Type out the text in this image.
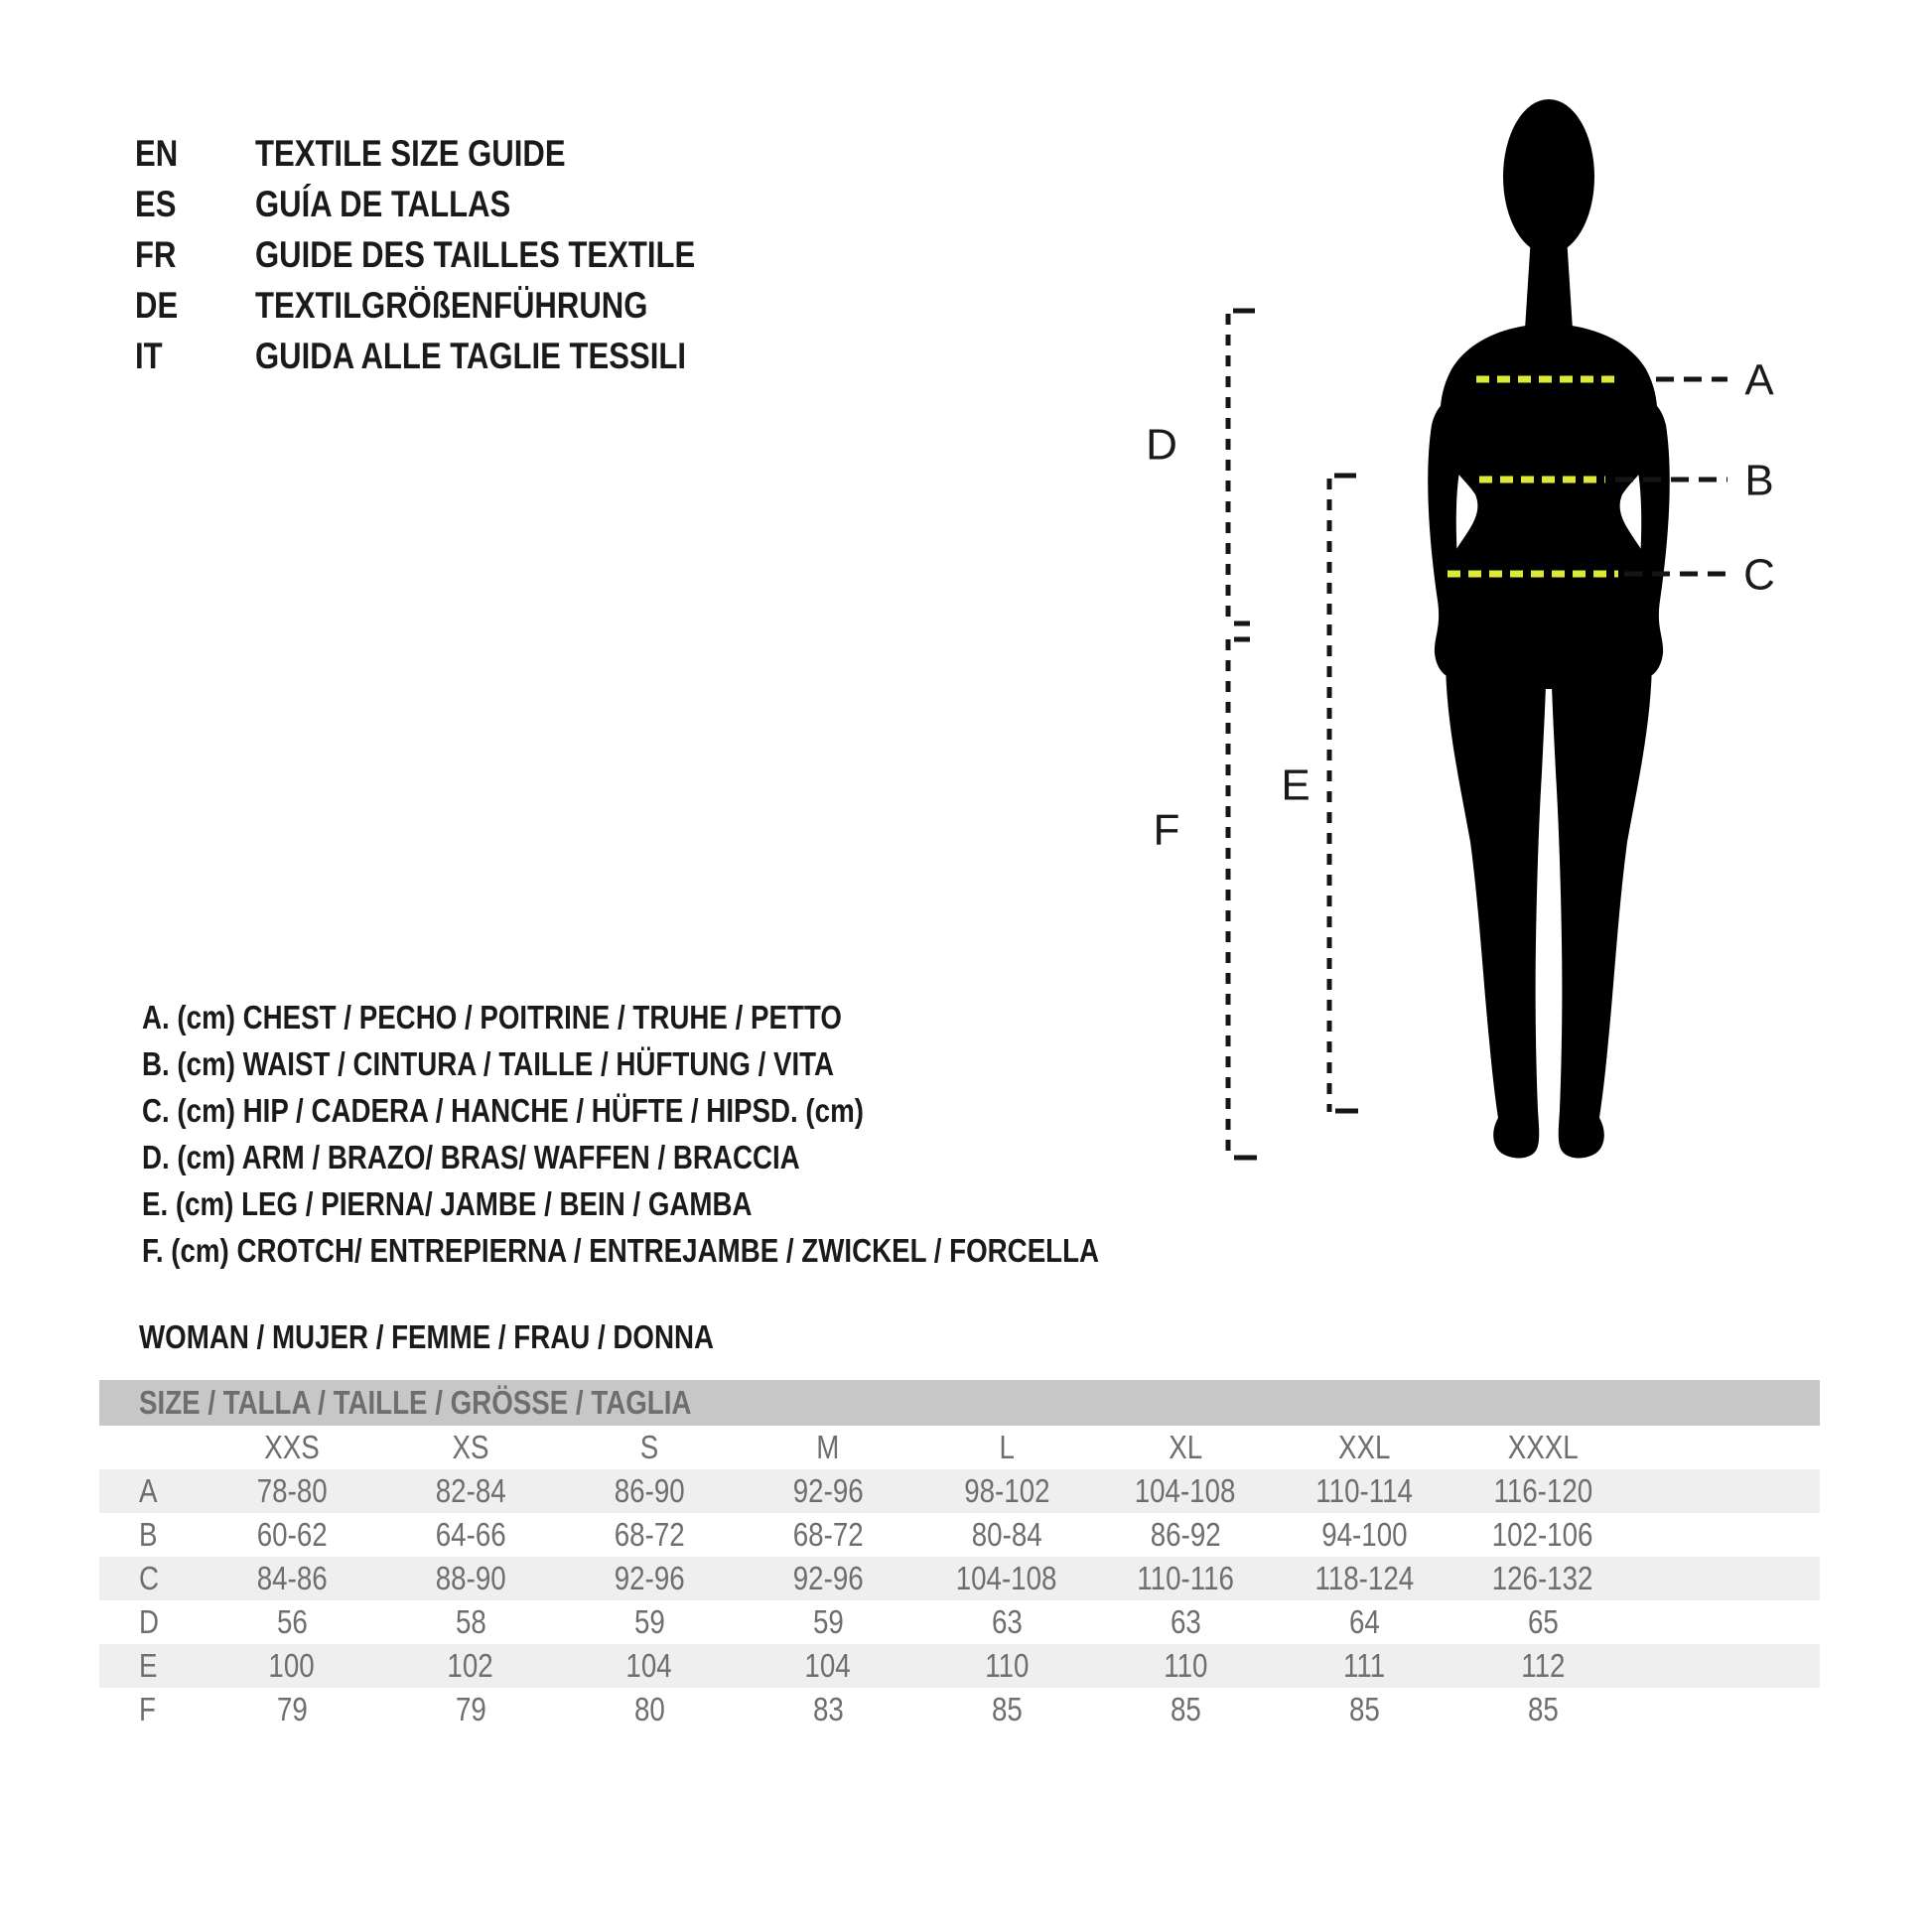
EN	TEXTILE SIZE GUIDE
ES	GUÍA DE TALLAS
FR	GUIDE DES TAILLES TEXTILE
DE	TEXTILGRÖßENFÜHRUNG
IT	GUIDA ALLE TAGLIE TESSILI
A. (cm) CHEST / PECHO / POITRINE / TRUHE / PETTO
B. (cm) WAIST / CINTURA / TAILLE / HÜFTUNG / VITA
C. (cm) HIP / CADERA / HANCHE / HÜFTE / HIPSD. (cm)
D. (cm) ARM / BRAZO/ BRAS/ WAFFEN / BRACCIA
E. (cm) LEG / PIERNA/ JAMBE / BEIN / GAMBA
F. (cm) CROTCH/ ENTREPIERNA / ENTREJAMBE / ZWICKEL / FORCELLA
WOMAN / MUJER / FEMME / FRAU / DONNA
SIZE / TALLA / TAILLE / GRÖSSE / TAGLIA
	XXS	XS	S	M	L	XL	XXL	XXXL	
A	78-80	82-84	86-90	92-96	98-102	104-108	110-114	116-120	
B	60-62	64-66	68-72	68-72	80-84	86-92	94-100	102-106	
C	84-86	88-90	92-96	92-96	104-108	110-116	118-124	126-132	
D	56	58	59	59	63	63	64	65	
E	100	102	104	104	110	110	111	112	
F	79	79	80	83	85	85	85	85	
A
B
C
D
E
F
